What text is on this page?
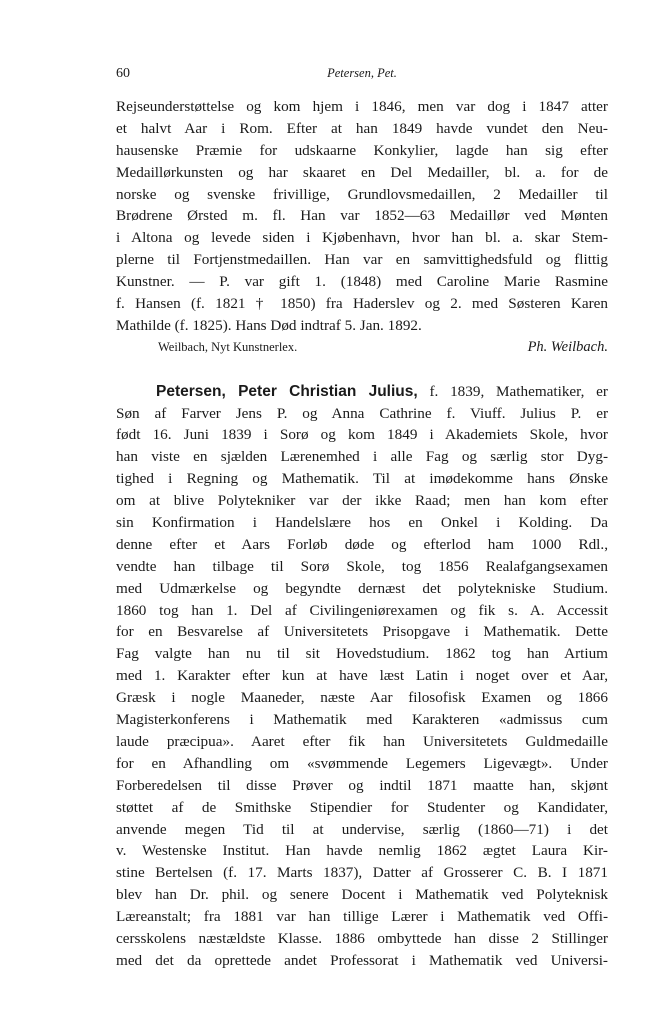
60	Petersen, Pet.
Rejseunderstøttelse og kom hjem i 1846, men var dog i 1847 atter
et halvt Aar i Rom. Efter at han 1849 havde vundet den Neu-
hausenske Præmie for udskaarne Konkylier, lagde han sig efter
Medaillørkunsten og har skaaret en Del Medailler, bl. a. for de
norske og svenske frivillige, Grundlovsmedaillen, 2 Medailler til
Brødrene Ørsted m. fl. Han var 1852—63 Medaillør ved Mønten
i Altona og levede siden i Kjøbenhavn, hvor han bl. a. skar Stem-
plerne til Fortjenstmedaillen. Han var en samvittighedsfuld og flittig
Kunstner. — P. var gift 1. (1848) med Caroline Marie Rasmine
f. Hansen (f. 1821 † 1850) fra Haderslev og 2. med Søsteren Karen
Mathilde (f. 1825). Hans Død indtraf 5. Jan. 1892.
Weilbach, Nyt Kunstnerlex.	Ph. Weilbach.
Petersen, Peter Christian Julius, f. 1839, Mathematiker, er
Søn af Farver Jens P. og Anna Cathrine f. Viuff. Julius P. er
født 16. Juni 1839 i Sorø og kom 1849 i Akademiets Skole, hvor
han viste en sjælden Lærenemhed i alle Fag og særlig stor Dyg-
tighed i Regning og Mathematik. Til at imødekomme hans Ønske
om at blive Polytekniker var der ikke Raad; men han kom efter
sin Konfirmation i Handelslære hos en Onkel i Kolding. Da
denne efter et Aars Forløb døde og efterlod ham 1000 Rdl.,
vendte han tilbage til Sorø Skole, tog 1856 Realafgangsexamen
med Udmærkelse og begyndte dernæst det polytekniske Studium.
1860 tog han 1. Del af Civilingeniørexamen og fik s. A. Accessit
for en Besvarelse af Universitetets Prisopgave i Mathematik. Dette
Fag valgte han nu til sit Hovedstudium. 1862 tog han Artium
med 1. Karakter efter kun at have læst Latin i noget over et Aar,
Græsk i nogle Maaneder, næste Aar filosofisk Examen og 1866
Magisterkonferens i Mathematik med Karakteren «admissus cum
laude præcipua». Aaret efter fik han Universitetets Guldmedaille
for en Afhandling om «svømmende Legemers Ligevægt». Under
Forberedelsen til disse Prøver og indtil 1871 maatte han, skjønt
støttet af de Smithske Stipendier for Studenter og Kandidater,
anvende megen Tid til at undervise, særlig (1860—71) i det
v. Westenske Institut. Han havde nemlig 1862 ægtet Laura Kir-
stine Bertelsen (f. 17. Marts 1837), Datter af Grosserer C. B. I 1871
blev han Dr. phil. og senere Docent i Mathematik ved Polyteknisk
Læreanstalt; fra 1881 var han tillige Lærer i Mathematik ved Offi-
cersskolens næstældste Klasse. 1886 ombyttede han disse 2 Stillinger
med det da oprettede andet Professorat i Mathematik ved Universi-
